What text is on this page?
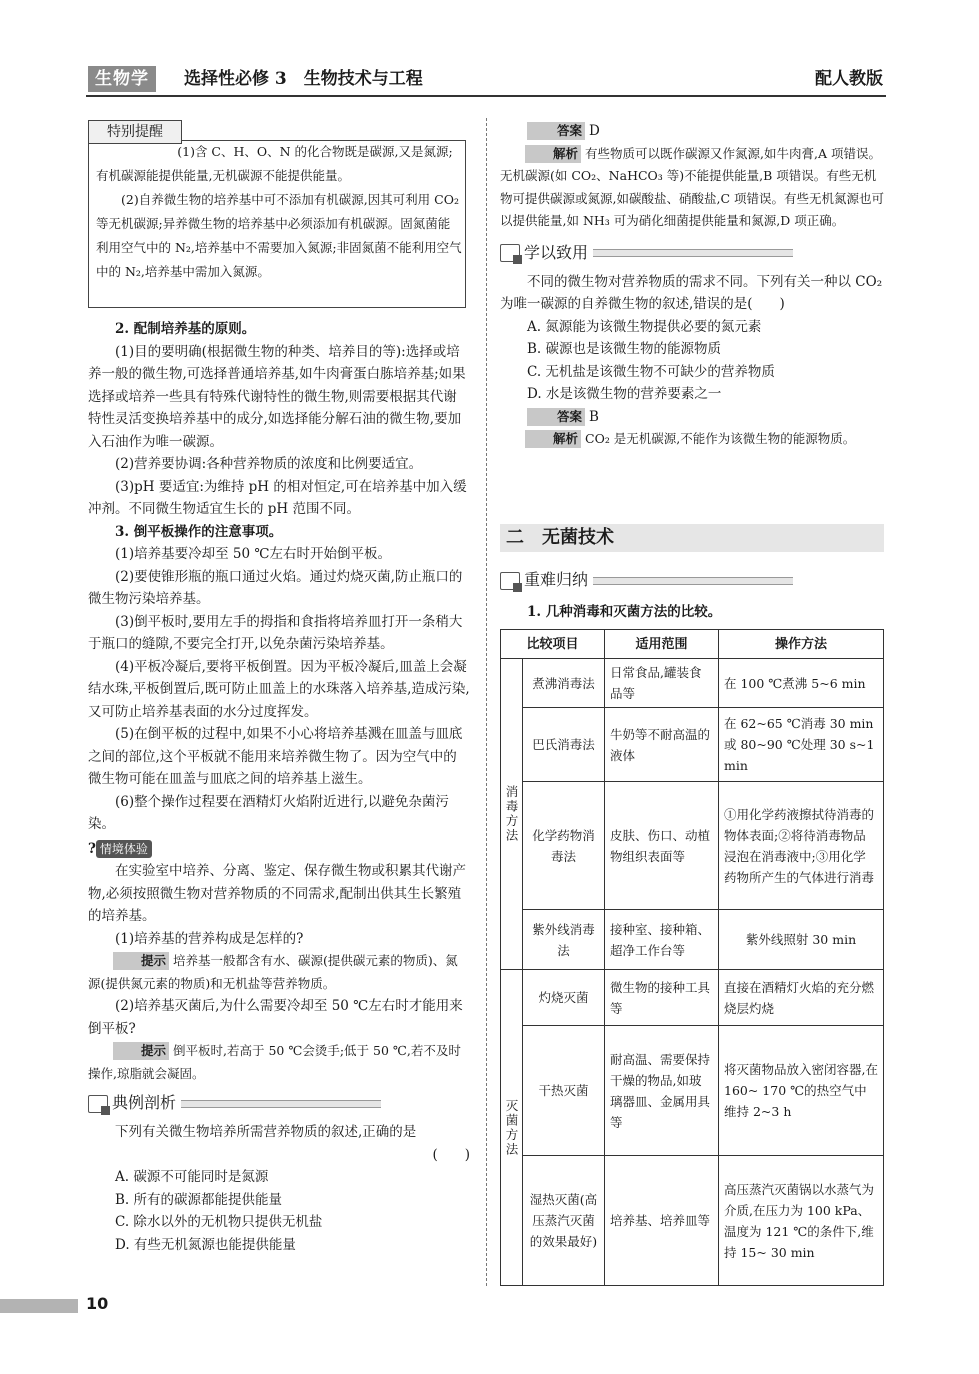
生物学	选择性必修 3　生物技术与工程	配人教版
特别提醒

(1)含 C、H、O、N 的化合物既是碳源,又是氮源;有机碳源能提供能量,无机碳源不能提供能量。

(2)自养微生物的培养基中可不添加有机碳源,因其可利用 CO₂ 等无机碳源;异养微生物的培养基中必须添加有机碳源。固氮菌能利用空气中的 N₂,培养基中不需要加入氮源;非固氮菌不能利用空气中的 N₂,培养基中需加入氮源。

2. 配制培养基的原则。

(1)目的要明确(根据微生物的种类、培养目的等):选择或培养一般的微生物,可选择普通培养基,如牛肉膏蛋白胨培养基;如果选择或培养一些具有特殊代谢特性的微生物,则需要根据其代谢特性灵活变换培养基中的成分,如选择能分解石油的微生物,要加入石油作为唯一碳源。

(2)营养要协调:各种营养物质的浓度和比例要适宜。

(3)pH 要适宜:为维持 pH 的相对恒定,可在培养基中加入缓冲剂。不同微生物适宜生长的 pH 范围不同。

3. 倒平板操作的注意事项。

(1)培养基要冷却至 50 ℃左右时开始倒平板。

(2)要使锥形瓶的瓶口通过火焰。通过灼烧灭菌,防止瓶口的微生物污染培养基。

(3)倒平板时,要用左手的拇指和食指将培养皿打开一条稍大于瓶口的缝隙,不要完全打开,以免杂菌污染培养基。

(4)平板冷凝后,要将平板倒置。因为平板冷凝后,皿盖上会凝结水珠,平板倒置后,既可防止皿盖上的水珠落入培养基,造成污染,又可防止培养基表面的水分过度挥发。

(5)在倒平板的过程中,如果不小心将培养基溅在皿盖与皿底之间的部位,这个平板就不能用来培养微生物了。因为空气中的微生物可能在皿盖与皿底之间的培养基上滋生。

(6)整个操作过程要在酒精灯火焰附近进行,以避免杂菌污染。

? 情境体验

在实验室中培养、分离、鉴定、保存微生物或积累其代谢产物,必须按照微生物对营养物质的不同需求,配制出供其生长繁殖的培养基。

(1)培养基的营养构成是怎样的?

提示 培养基一般都含有水、碳源(提供碳元素的物质)、氮源(提供氮元素的物质)和无机盐等营养物质。

(2)培养基灭菌后,为什么需要冷却至 50 ℃左右时才能用来倒平板?

提示 倒平板时,若高于 50 ℃会烫手;低于 50 ℃,若不及时操作,琼脂就会凝固。

典例剖析

下列有关微生物培养所需营养物质的叙述,正确的是

(　　)

A. 碳源不可能同时是氮源

B. 所有的碳源都能提供能量

C. 除水以外的无机物只提供无机盐

D. 有些无机氮源也能提供能量

答案 D

解析 有些物质可以既作碳源又作氮源,如牛肉膏,A 项错误。无机碳源(如 CO₂、NaHCO₃ 等)不能提供能量,B 项错误。有些无机物可提供碳源或氮源,如碳酸盐、硝酸盐,C 项错误。有些无机氮源也可以提供能量,如 NH₃ 可为硝化细菌提供能量和氮源,D 项正确。

学以致用

不同的微生物对营养物质的需求不同。下列有关一种以 CO₂ 为唯一碳源的自养微生物的叙述,错误的是(　　)

A. 氮源能为该微生物提供必要的氮元素

B. 碳源也是该微生物的能源物质

C. 无机盐是该微生物不可缺少的营养物质

D. 水是该微生物的营养要素之一

答案 B

解析 CO₂ 是无机碳源,不能作为该微生物的能源物质。

二　无菌技术
重难归纳

1. 几种消毒和灭菌方法的比较。

比较项目		适用范围	操作方法
消毒方法	煮沸消毒法	日常食品,罐装食品等	在 100 ℃煮沸 5~6 min
	巴氏消毒法	牛奶等不耐高温的液体	在 62~65 ℃消毒 30 min 或 80~90 ℃处理 30 s~1 min
	化学药物消毒法	皮肤、伤口、动植物组织表面等	①用化学药液擦拭待消毒的物体表面;②将待消毒物品浸泡在消毒液中;③用化学药物所产生的气体进行消毒
	紫外线消毒法	接种室、接种箱、超净工作台等	紫外线照射 30 min
灭菌方法	灼烧灭菌	微生物的接种工具等	直接在酒精灯火焰的充分燃烧层灼烧
	干热灭菌	耐高温、需要保持干燥的物品,如玻璃器皿、金属用具等	将灭菌物品放入密闭容器,在 160~ 170 ℃的热空气中维持 2~3 h
	湿热灭菌(高压蒸汽灭菌的效果最好)	培养基、培养皿等	高压蒸汽灭菌锅以水蒸气为介质,在压力为 100 kPa、温度为 121 ℃的条件下,维持 15~ 30 min
10
